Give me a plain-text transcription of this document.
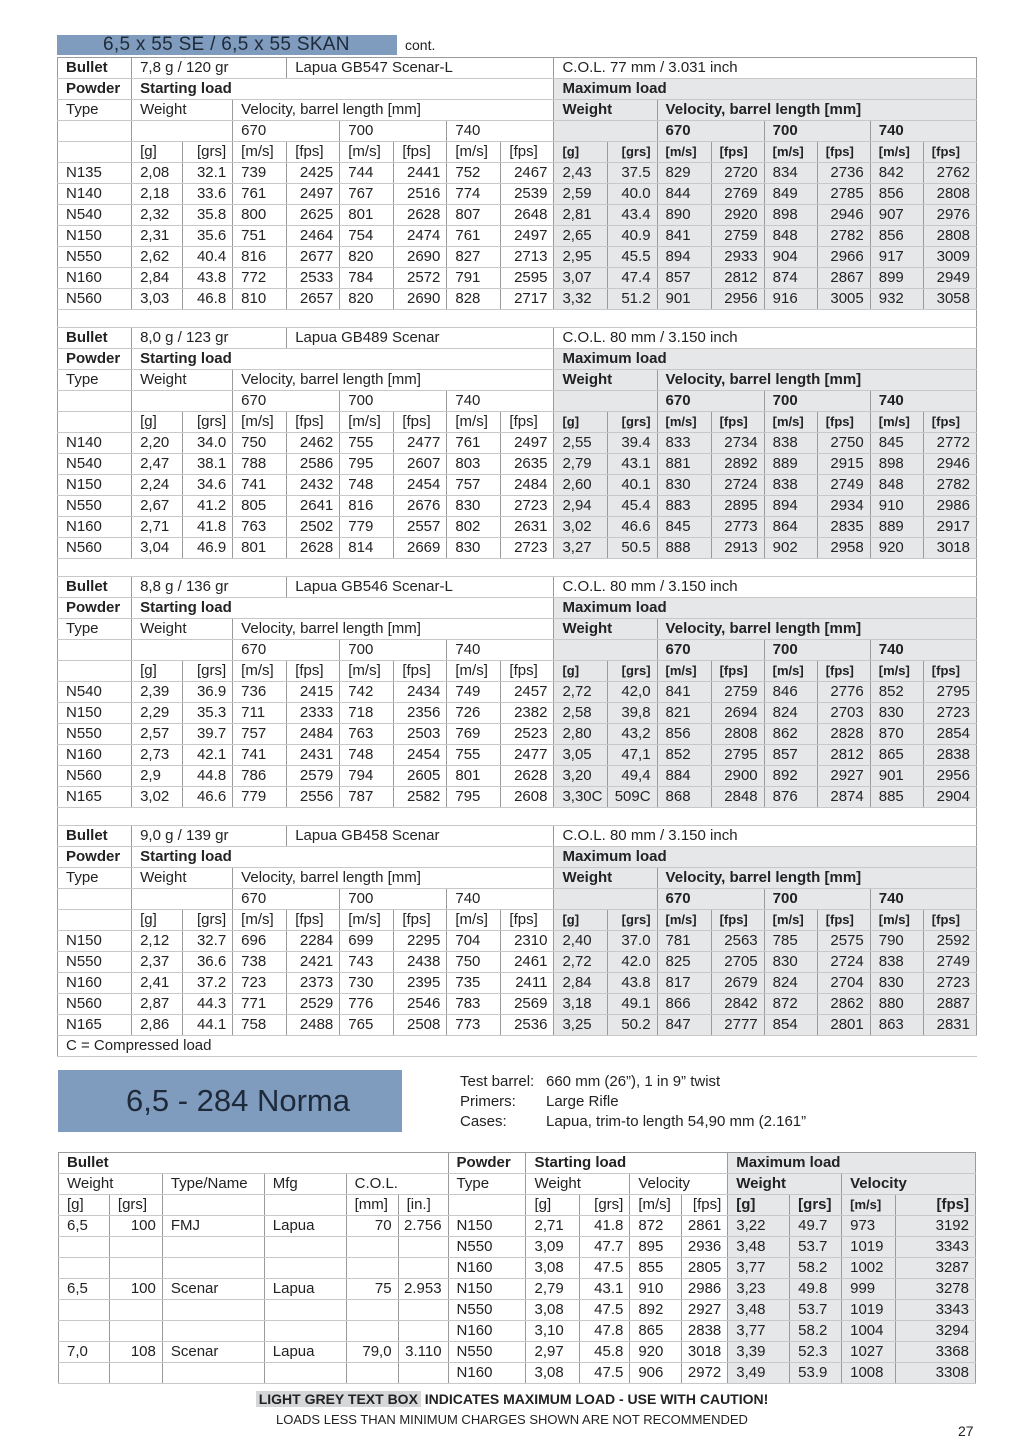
6,5 x 55 SE / 6,5 x 55 SKAN	cont.
Bullet	7,8 g / 120 gr			Lapua GB547 Scenar-L					C.O.L. 77 mm / 3.031 inch							
Powder	Starting load								Maximum load							
Type	Weight		Velocity, barrel length [mm]						Weight		Velocity, barrel length [mm]					
			670		700		740				670		700		740	
	[g]	[grs]	[m/s]	[fps]	[m/s]	[fps]	[m/s]	[fps]	[g]	[grs]	[m/s]	[fps]	[m/s]	[fps]	[m/s]	[fps]
N135	2,08	32.1	739	2425	744	2441	752	2467	2,43	37.5	829	2720	834	2736	842	2762
N140	2,18	33.6	761	2497	767	2516	774	2539	2,59	40.0	844	2769	849	2785	856	2808
N540	2,32	35.8	800	2625	801	2628	807	2648	2,81	43.4	890	2920	898	2946	907	2976
N150	2,31	35.6	751	2464	754	2474	761	2497	2,65	40.9	841	2759	848	2782	856	2808
N550	2,62	40.4	816	2677	820	2690	827	2713	2,95	45.5	894	2933	904	2966	917	3009
N160	2,84	43.8	772	2533	784	2572	791	2595	3,07	47.4	857	2812	874	2867	899	2949
N560	3,03	46.8	810	2657	820	2690	828	2717	3,32	51.2	901	2956	916	3005	932	3058

Bullet	8,0 g / 123 gr			Lapua GB489 Scenar					C.O.L. 80 mm / 3.150 inch							
Powder	Starting load								Maximum load							
Type	Weight		Velocity, barrel length [mm]						Weight		Velocity, barrel length [mm]					
			670		700		740				670		700		740	
	[g]	[grs]	[m/s]	[fps]	[m/s]	[fps]	[m/s]	[fps]	[g]	[grs]	[m/s]	[fps]	[m/s]	[fps]	[m/s]	[fps]
N140	2,20	34.0	750	2462	755	2477	761	2497	2,55	39.4	833	2734	838	2750	845	2772
N540	2,47	38.1	788	2586	795	2607	803	2635	2,79	43.1	881	2892	889	2915	898	2946
N150	2,24	34.6	741	2432	748	2454	757	2484	2,60	40.1	830	2724	838	2749	848	2782
N550	2,67	41.2	805	2641	816	2676	830	2723	2,94	45.4	883	2895	894	2934	910	2986
N160	2,71	41.8	763	2502	779	2557	802	2631	3,02	46.6	845	2773	864	2835	889	2917
N560	3,04	46.9	801	2628	814	2669	830	2723	3,27	50.5	888	2913	902	2958	920	3018

Bullet	8,8 g / 136 gr			Lapua GB546 Scenar-L					C.O.L. 80 mm / 3.150 inch							
Powder	Starting load								Maximum load							
Type	Weight		Velocity, barrel length [mm]						Weight		Velocity, barrel length [mm]					
			670		700		740				670		700		740	
	[g]	[grs]	[m/s]	[fps]	[m/s]	[fps]	[m/s]	[fps]	[g]	[grs]	[m/s]	[fps]	[m/s]	[fps]	[m/s]	[fps]
N540	2,39	36.9	736	2415	742	2434	749	2457	2,72	42,0	841	2759	846	2776	852	2795
N150	2,29	35.3	711	2333	718	2356	726	2382	2,58	39,8	821	2694	824	2703	830	2723
N550	2,57	39.7	757	2484	763	2503	769	2523	2,80	43,2	856	2808	862	2828	870	2854
N160	2,73	42.1	741	2431	748	2454	755	2477	3,05	47,1	852	2795	857	2812	865	2838
N560	2,9	44.8	786	2579	794	2605	801	2628	3,20	49,4	884	2900	892	2927	901	2956
N165	3,02	46.6	779	2556	787	2582	795	2608	3,30C	509C	868	2848	876	2874	885	2904

Bullet	9,0 g / 139 gr			Lapua GB458 Scenar					C.O.L. 80 mm / 3.150 inch							
Powder	Starting load								Maximum load							
Type	Weight		Velocity, barrel length [mm]						Weight		Velocity, barrel length [mm]					
			670		700		740				670		700		740	
	[g]	[grs]	[m/s]	[fps]	[m/s]	[fps]	[m/s]	[fps]	[g]	[grs]	[m/s]	[fps]	[m/s]	[fps]	[m/s]	[fps]
N150	2,12	32.7	696	2284	699	2295	704	2310	2,40	37.0	781	2563	785	2575	790	2592
N550	2,37	36.6	738	2421	743	2438	750	2461	2,72	42.0	825	2705	830	2724	838	2749
N160	2,41	37.2	723	2373	730	2395	735	2411	2,84	43.8	817	2679	824	2704	830	2723
N560	2,87	44.3	771	2529	776	2546	783	2569	3,18	49.1	866	2842	872	2862	880	2887
N165	2,86	44.1	758	2488	765	2508	773	2536	3,25	50.2	847	2777	854	2801	863	2831
C = Compressed load																
6,5 - 284 Norma
Test barrel: 660 mm (26”), 1 in 9” twist
Primers: Large Rifle
Cases:	Lapua, trim-to length 54,90 mm (2.161”
Bullet						Powder	Starting load				Maximum load			
Weight		Type/Name	Mfg	C.O.L.		Type	Weight		Velocity		Weight		Velocity	
[g]	[grs]			[mm]	[in.]		[g]	[grs]	[m/s]	[fps]	[g]	[grs]	[m/s]	[fps]
6,5	100	FMJ	Lapua	70	2.756	N150	2,71	41.8	872	2861	3,22	49.7	973	3192
						N550	3,09	47.7	895	2936	3,48	53.7	1019	3343
						N160	3,08	47.5	855	2805	3,77	58.2	1002	3287
6,5	100	Scenar	Lapua	75	2.953	N150	2,79	43.1	910	2986	3,23	49.8	999	3278
						N550	3,08	47.5	892	2927	3,48	53.7	1019	3343
						N160	3,10	47.8	865	2838	3,77	58.2	1004	3294
7,0	108	Scenar	Lapua	79,0	3.110	N550	2,97	45.8	920	3018	3,39	52.3	1027	3368
						N160	3,08	47.5	906	2972	3,49	53.9	1008	3308
LIGHT GREY TEXT BOX INDICATES MAXIMUM LOAD - USE WITH CAUTION!
LOADS LESS THAN MINIMUM CHARGES SHOWN ARE NOT RECOMMENDED
27
